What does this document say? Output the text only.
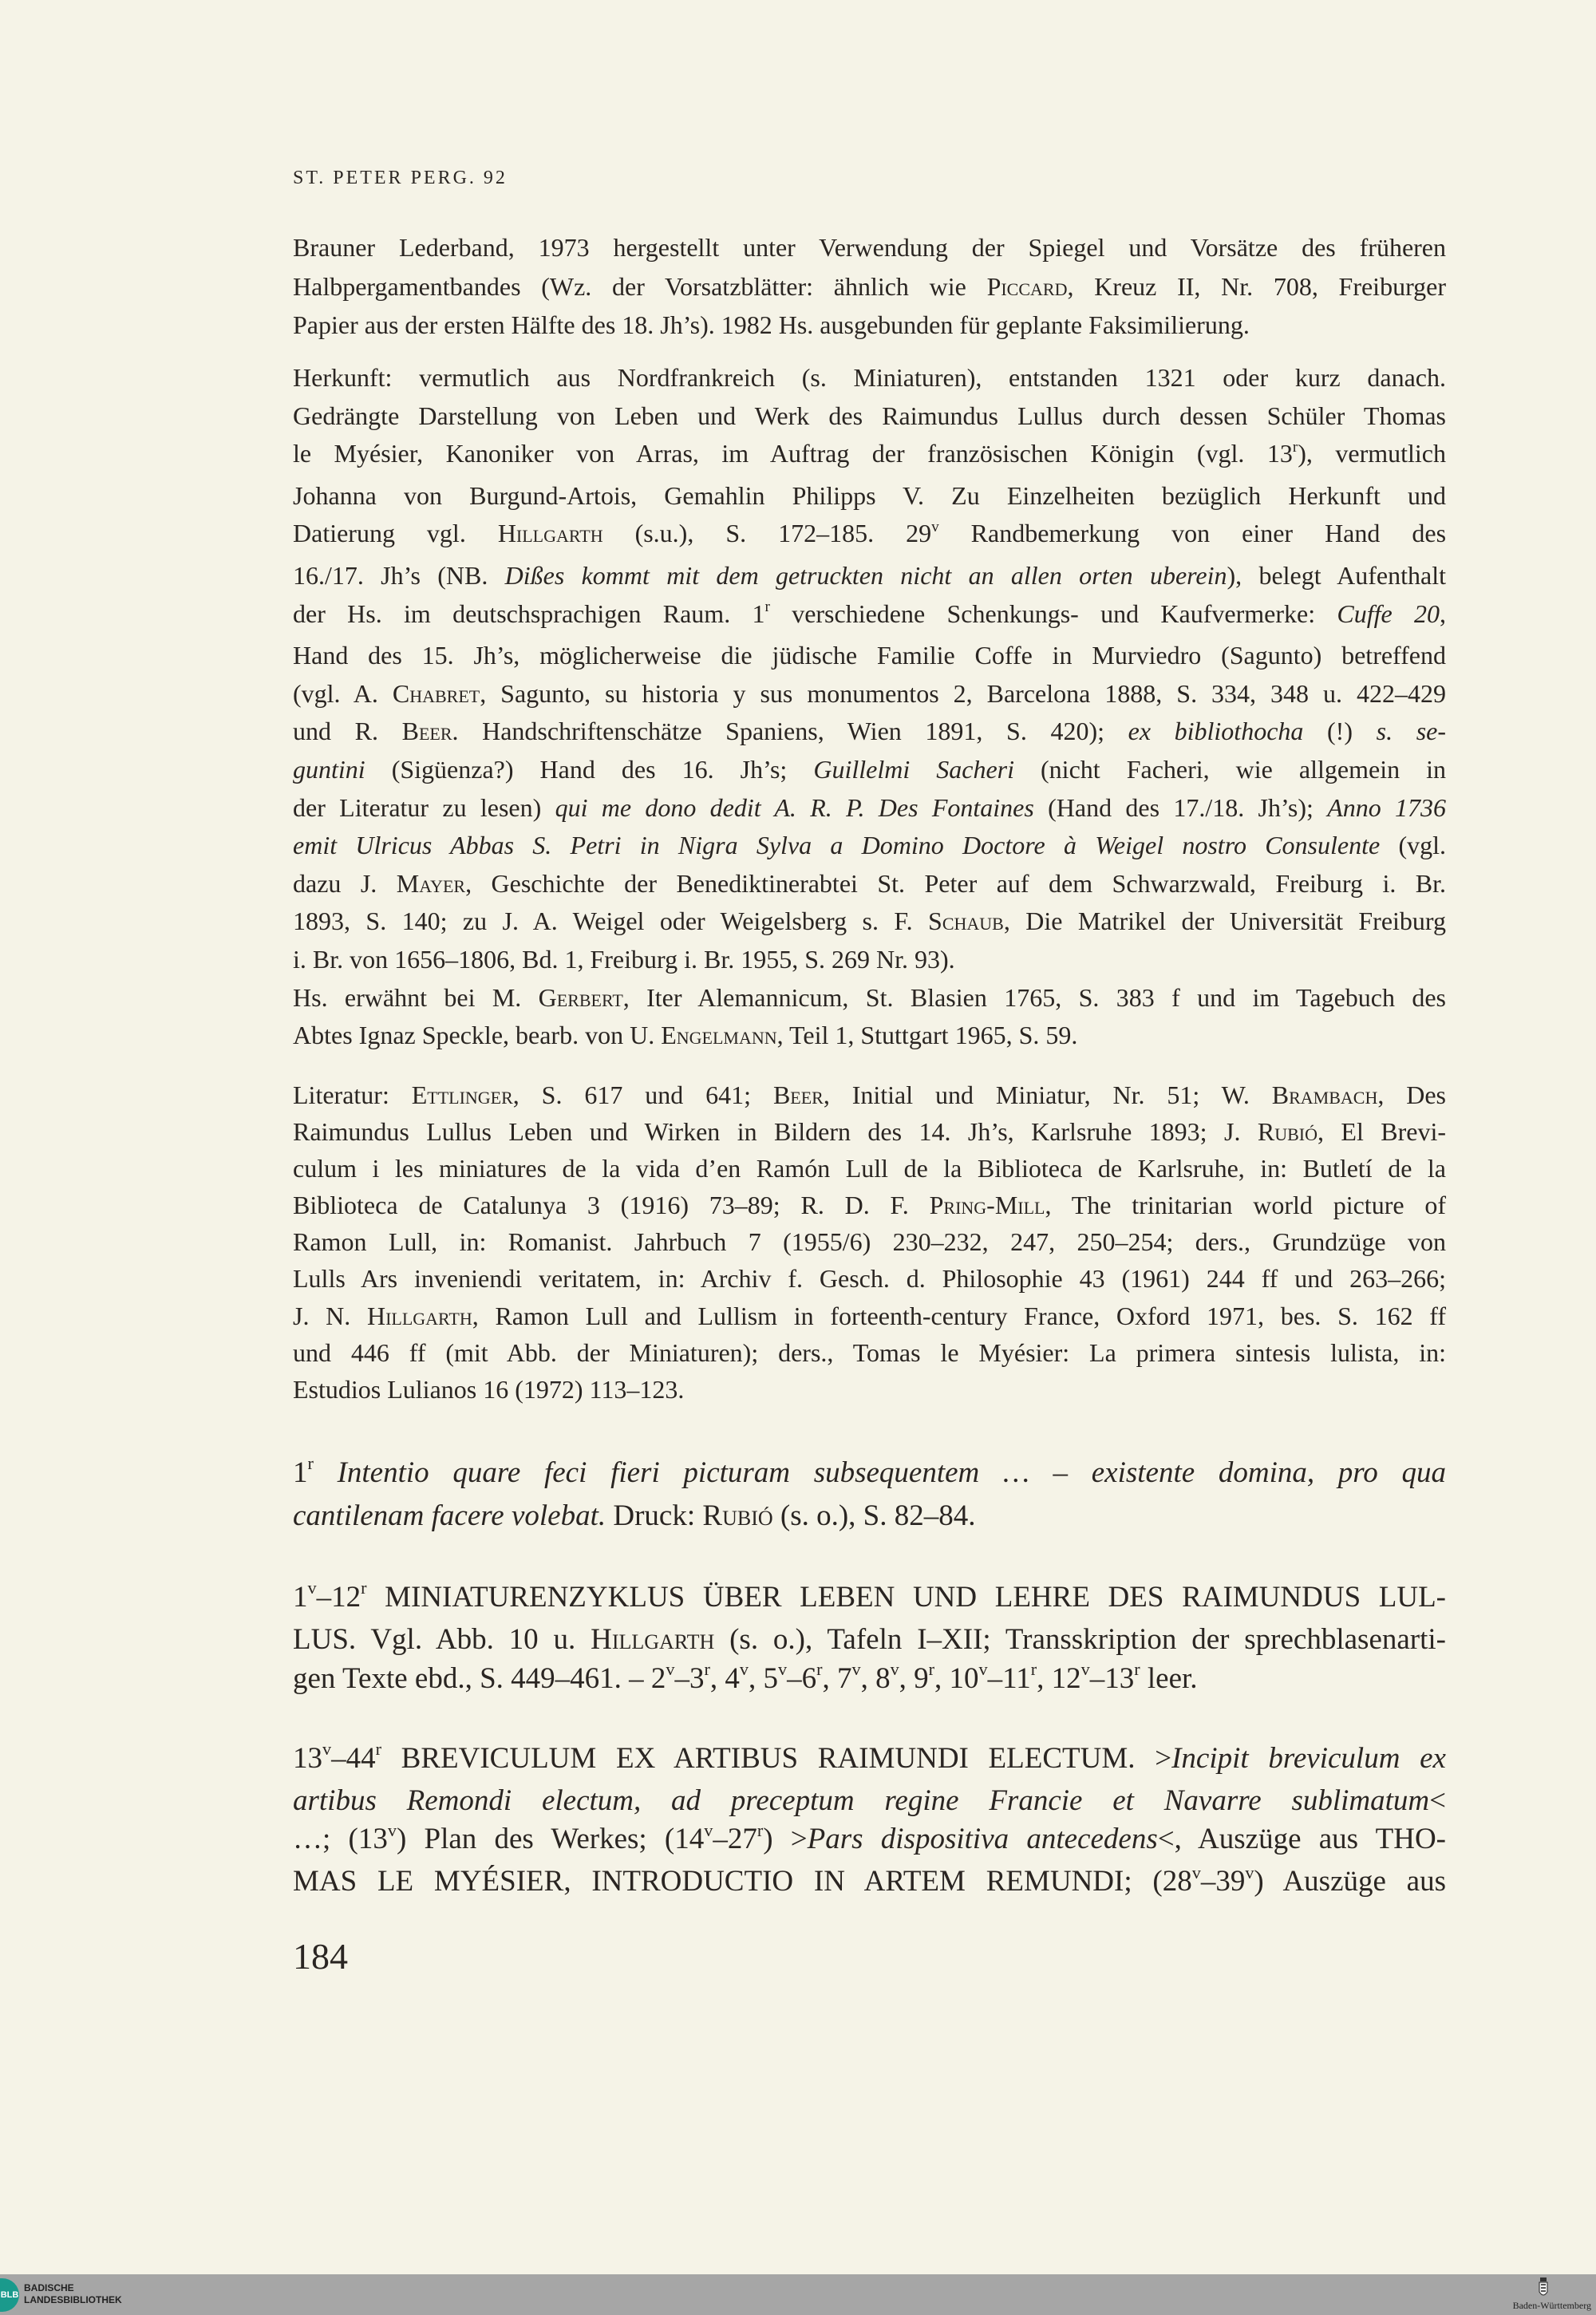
ST. PETER PERG. 92
Brauner Lederband, 1973 hergestellt unter Verwendung der Spiegel und Vorsätze des früheren
Halbpergamentbandes (Wz. der Vorsatzblätter: ähnlich wie Piccard, Kreuz II, Nr. 708, Freiburger
Papier aus der ersten Hälfte des 18. Jh’s). 1982 Hs. ausgebunden für geplante Faksimilierung.
Herkunft: vermutlich aus Nordfrankreich (s. Miniaturen), entstanden 1321 oder kurz danach.
Gedrängte Darstellung von Leben und Werk des Raimundus Lullus durch dessen Schüler Thomas
le Myésier, Kanoniker von Arras, im Auftrag der französischen Königin (vgl. 13$^r$), vermutlich
Johanna von Burgund-Artois, Gemahlin Philipps V. Zu Einzelheiten bezüglich Herkunft und
Datierung vgl. Hillgarth (s.u.), S. 172–185. 29$^v$ Randbemerkung von einer Hand des
16./17. Jh’s (NB. Dißes kommt mit dem getruckten nicht an allen orten uberein), belegt Aufenthalt
der Hs. im deutschsprachigen Raum. 1$^r$ verschiedene Schenkungs- und Kaufvermerke: Cuffe 20,
Hand des 15. Jh’s, möglicherweise die jüdische Familie Coffe in Murviedro (Sagunto) betreffend
(vgl. A. Chabret, Sagunto, su historia y sus monumentos 2, Barcelona 1888, S. 334, 348 u. 422–429
und R. Beer. Handschriftenschätze Spaniens, Wien 1891, S. 420); ex bibliothocha (!) s. se-
guntini (Sigüenza?) Hand des 16. Jh’s; Guillelmi Sacheri (nicht Facheri, wie allgemein in
der Literatur zu lesen) qui me dono dedit A. R. P. Des Fontaines (Hand des 17./18. Jh’s); Anno 1736
emit Ulricus Abbas S. Petri in Nigra Sylva a Domino Doctore à Weigel nostro Consulente (vgl.
dazu J. Mayer, Geschichte der Benediktinerabtei St. Peter auf dem Schwarzwald, Freiburg i. Br.
1893, S. 140; zu J. A. Weigel oder Weigelsberg s. F. Schaub, Die Matrikel der Universität Freiburg
i. Br. von 1656–1806, Bd. 1, Freiburg i. Br. 1955, S. 269 Nr. 93).
Hs. erwähnt bei M. Gerbert, Iter Alemannicum, St. Blasien 1765, S. 383 f und im Tagebuch des
Abtes Ignaz Speckle, bearb. von U. Engelmann, Teil 1, Stuttgart 1965, S. 59.
Literatur: Ettlinger, S. 617 und 641; Beer, Initial und Miniatur, Nr. 51; W. Brambach, Des
Raimundus Lullus Leben und Wirken in Bildern des 14. Jh’s, Karlsruhe 1893; J. Rubió, El Brevi-
culum i les miniatures de la vida d’en Ramón Lull de la Biblioteca de Karlsruhe, in: Butletí de la
Biblioteca de Catalunya 3 (1916) 73–89; R. D. F. Pring-Mill, The trinitarian world picture of
Ramon Lull, in: Romanist. Jahrbuch 7 (1955/6) 230–232, 247, 250–254; ders., Grundzüge von
Lulls Ars inveniendi veritatem, in: Archiv f. Gesch. d. Philosophie 43 (1961) 244 ff und 263–266;
J. N. Hillgarth, Ramon Lull and Lullism in forteenth-century France, Oxford 1971, bes. S. 162 ff
und 446 ff (mit Abb. der Miniaturen); ders., Tomas le Myésier: La primera sintesis lulista, in:
Estudios Lulianos 16 (1972) 113–123.
1$^r$ Intentio quare feci fieri picturam subsequentem … – existente domina, pro qua
cantilenam facere volebat. Druck: Rubió (s. o.), S. 82–84.
1$^v$–12$^r$ MINIATURENZYKLUS ÜBER LEBEN UND LEHRE DES RAIMUNDUS LUL-
LUS. Vgl. Abb. 10 u. Hillgarth (s. o.), Tafeln I–XII; Transskription der sprechblasenarti-
gen Texte ebd., S. 449–461. – 2$^v$–3$^r$, 4$^v$, 5$^v$–6$^r$, 7$^v$, 8$^v$, 9$^r$, 10$^v$–11$^r$, 12$^v$–13$^r$ leer.
13$^v$–44$^r$ BREVICULUM EX ARTIBUS RAIMUNDI ELECTUM. >Incipit breviculum ex
artibus Remondi electum, ad preceptum regine Francie et Navarre sublimatum<
…; (13$^v$) Plan des Werkes; $(14^v-27^r)$ >Pars dispositiva antecedens<, Auszüge aus THO-
MAS LE MYÉSIER, INTRODUCTIO IN ARTEM REMUNDI; (28$^v$–39$^v$) Auszüge aus
184
BLB
BADISCHE
LANDESBIBLIOTHEK	Baden-Württemberg
